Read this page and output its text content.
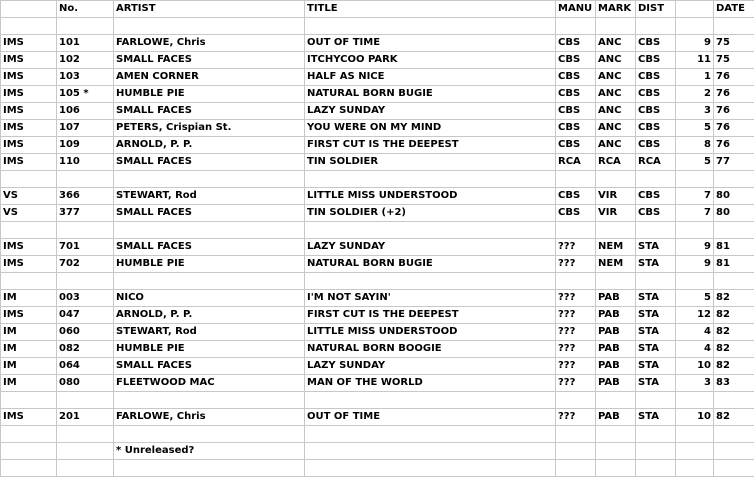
	No.	ARTIST	TITLE	MANU	MARK	DIST		DATE

IMS	101	FARLOWE, Chris	OUT OF TIME	CBS	ANC	CBS	9	75
IMS	102	SMALL FACES	ITCHYCOO PARK	CBS	ANC	CBS	11	75
IMS	103	AMEN CORNER	HALF AS NICE	CBS	ANC	CBS	1	76
IMS	105 *	HUMBLE PIE	NATURAL BORN BUGIE	CBS	ANC	CBS	2	76
IMS	106	SMALL FACES	LAZY SUNDAY	CBS	ANC	CBS	3	76
IMS	107	PETERS, Crispian St.	YOU WERE ON MY MIND	CBS	ANC	CBS	5	76
IMS	109	ARNOLD, P. P.	FIRST CUT IS THE DEEPEST	CBS	ANC	CBS	8	76
IMS	110	SMALL FACES	TIN SOLDIER	RCA	RCA	RCA	5	77

VS	366	STEWART, Rod	LITTLE MISS UNDERSTOOD	CBS	VIR	CBS	7	80
VS	377	SMALL FACES	TIN SOLDIER (+2)	CBS	VIR	CBS	7	80

IMS	701	SMALL FACES	LAZY SUNDAY	???	NEM	STA	9	81
IMS	702	HUMBLE PIE	NATURAL BORN BUGIE	???	NEM	STA	9	81

IM	003	NICO	I'M NOT SAYIN'	???	PAB	STA	5	82
IMS	047	ARNOLD, P. P.	FIRST CUT IS THE DEEPEST	???	PAB	STA	12	82
IM	060	STEWART, Rod	LITTLE MISS UNDERSTOOD	???	PAB	STA	4	82
IM	082	HUMBLE PIE	NATURAL BORN BOOGIE	???	PAB	STA	4	82
IM	064	SMALL FACES	LAZY SUNDAY	???	PAB	STA	10	82
IM	080	FLEETWOOD MAC	MAN OF THE WORLD	???	PAB	STA	3	83

IMS	201	FARLOWE, Chris	OUT OF TIME	???	PAB	STA	10	82

		* Unreleased?						
